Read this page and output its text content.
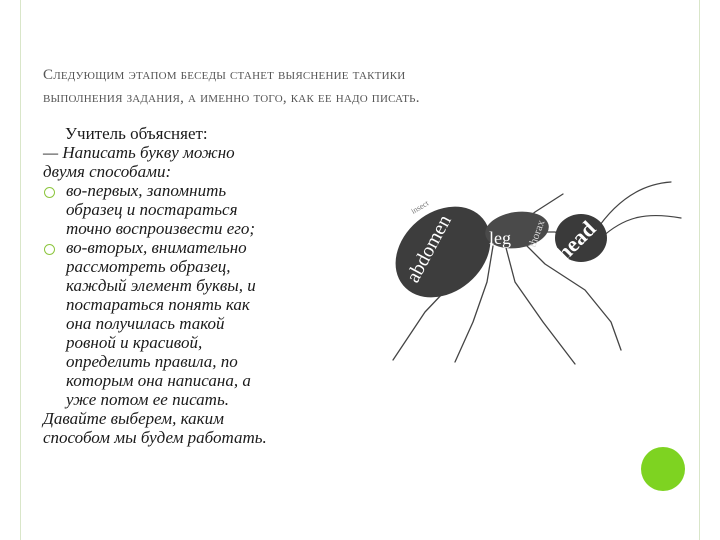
Следующим этапом беседы станет выяснение тактики
выполнения задания, а именно того, как ее надо писать.
Учитель объясняет:
— Написать букву можно
двумя способами:
во-первых, запомнить
образец и постараться
точно воспроизвести его;
во-вторых, внимательно
рассмотреть образец,
каждый элемент буквы, и
постараться понять как
она получилась такой
ровной и красивой,
определить правила, по
которым она написана, а
уже потом ее писать.
Давайте выберем, каким
способом мы будем работать.
abdomen leg thorax head
insect
